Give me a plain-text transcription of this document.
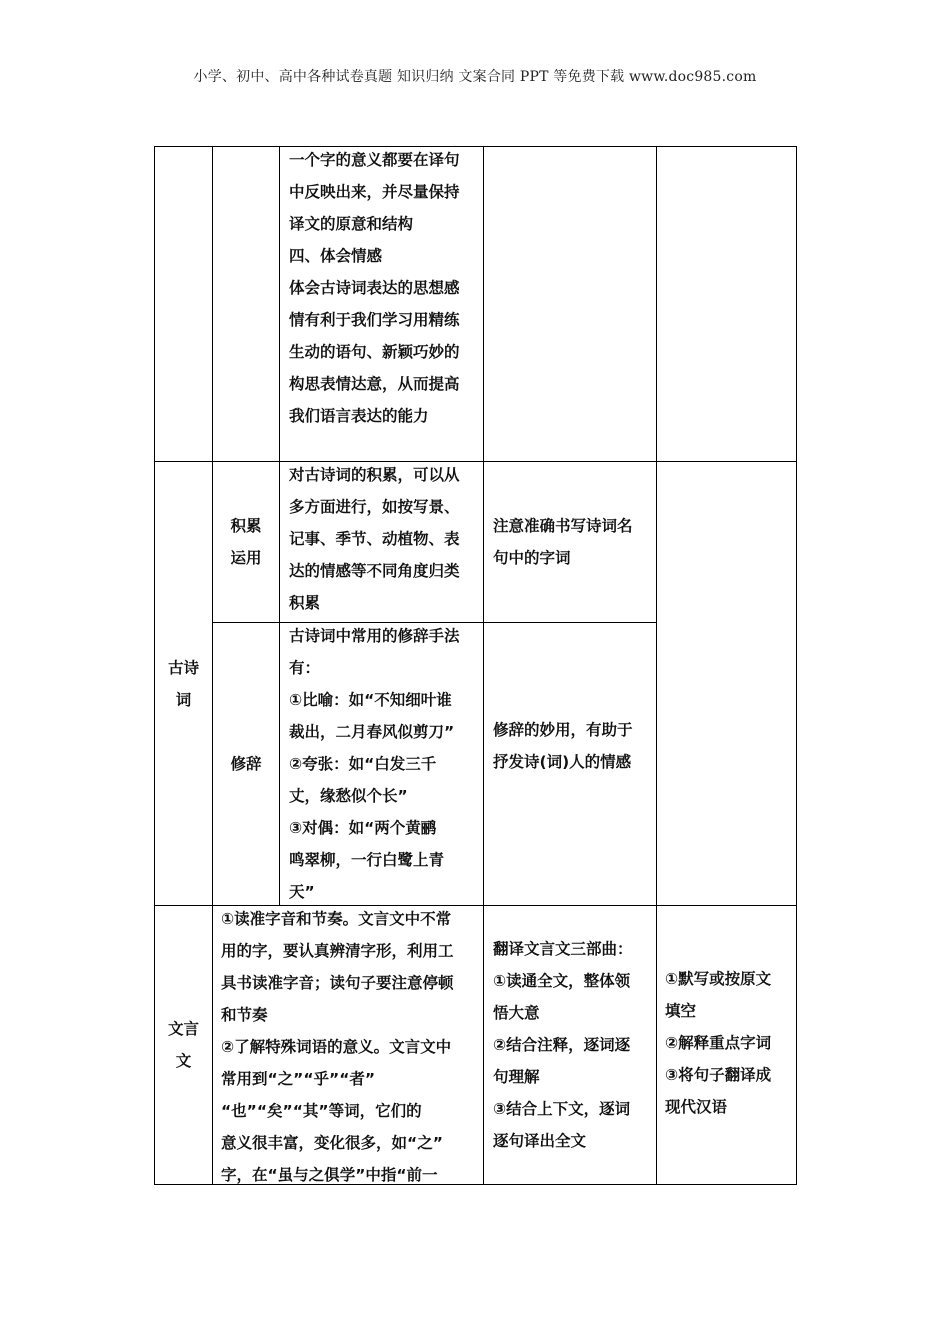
小学、初中、高中各种试卷真题 知识归纳 文案合同 PPT 等免费下载 www.doc985.com
一个字的意义都要在译句
中反映出来，并尽量保持
译文的原意和结构
四、体会情感
体会古诗词表达的思想感
情有利于我们学习用精练
生动的语句、新颖巧妙的
构思表情达意，从而提高
我们语言表达的能力
古诗
词
积累
运用
对古诗词的积累，可以从
多方面进行，如按写景、
记事、季节、动植物、表
达的情感等不同角度归类
积累
注意准确书写诗词名
句中的字词
修辞
古诗词中常用的修辞手法
有：
①比喻：如“不知细叶谁
裁出，二月春风似剪刀”
②夸张：如“白发三千
丈，缘愁似个长”
③对偶：如“两个黄鹂
鸣翠柳，一行白鹭上青
天”
修辞的妙用，有助于
抒发诗(词)人的情感
文言
文
①读准字音和节奏。文言文中不常
用的字，要认真辨清字形，利用工
具书读准字音；读句子要注意停顿
和节奏
②了解特殊词语的意义。文言文中
常用到“之”“乎”“者”
“也”“矣”“其”等词，它们的
意义很丰富，变化很多，如“之”
字，在“虽与之俱学”中指“前一
翻译文言文三部曲：
①读通全文，整体领
悟大意
②结合注释，逐词逐
句理解
③结合上下文，逐词
逐句译出全文
①默写或按原文
填空
②解释重点字词
③将句子翻译成
现代汉语
